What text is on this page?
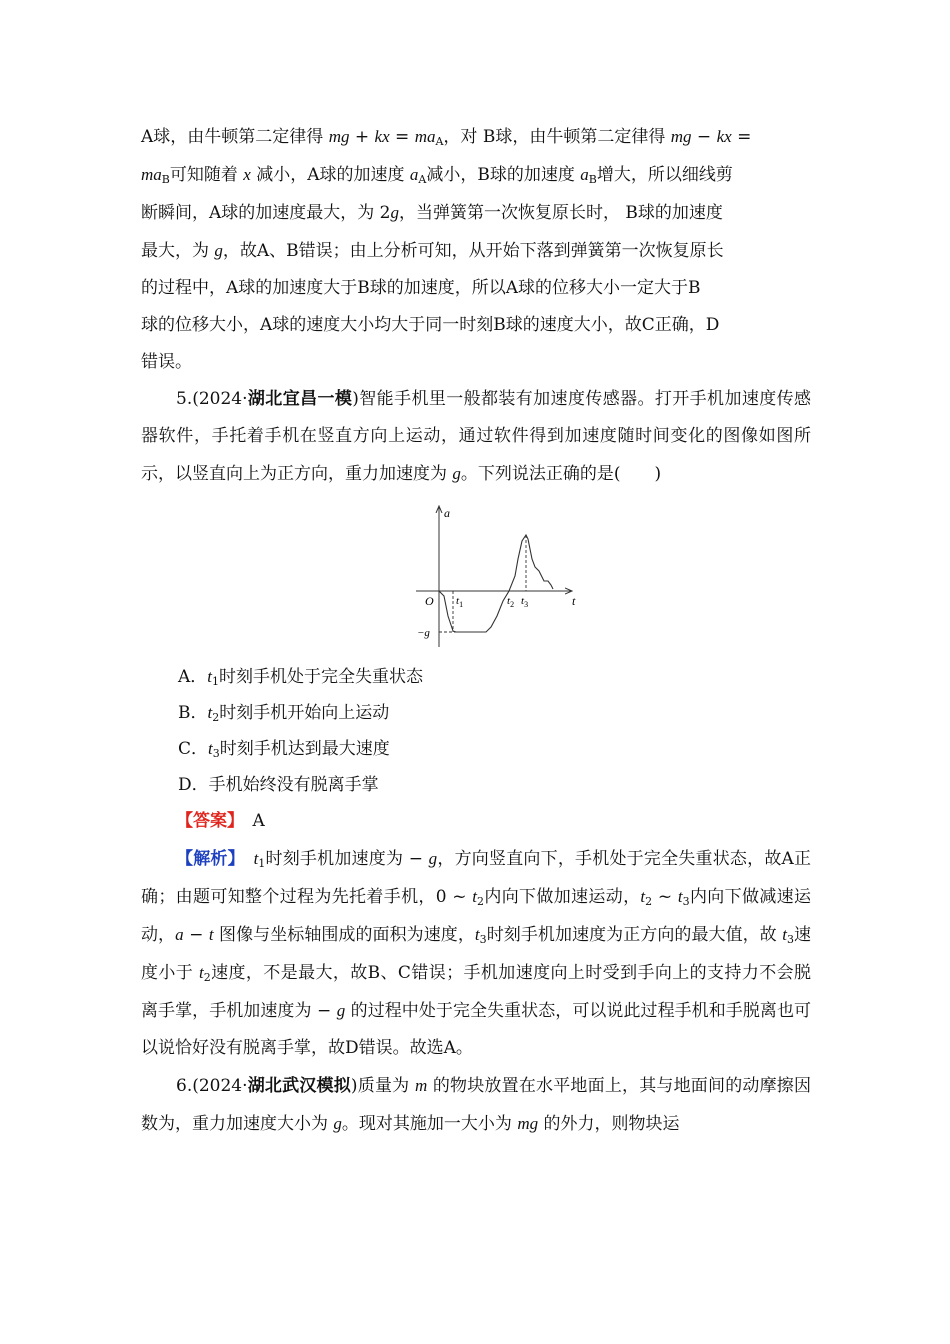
A球，由牛顿第二定律得 mg + kx = $ma_A$，对 B球，由牛顿第二定律得 mg − kx =

$ma_B$可知随着 x 减小，A球的加速度 $a_A$减小，B球的加速度 $a_B$增大，所以细线剪

断瞬间，A球的加速度最大，为 2g，当弹簧第一次恢复原长时， B球的加速度

最大，为 g，故A、B错误；由上分析可知，从开始下落到弹簧第一次恢复原长

的过程中，A球的加速度大于B球的加速度，所以A球的位移大小一定大于B

球的位移大小，A球的速度大小均大于同一时刻B球的速度大小，故C正确，D

错误。

5.(2024·湖北宜昌一模)智能手机里一般都装有加速度传感器。打开手机加速度传感器软件，手托着手机在竖直方向上运动，通过软件得到加速度随时间变化的图像如图所示，以竖直向上为正方向，重力加速度为 g。下列说法正确的是(　　)

a
t
O
−g
$t_1$	$t_2$ $t_3$

A．$t_1$时刻手机处于完全失重状态

B．$t_2$时刻手机开始向上运动

C．$t_3$时刻手机达到最大速度

D．手机始终没有脱离手掌

【答案】　 A

【解析】　 $t_1$时刻手机加速度为 − g，方向竖直向下，手机处于完全失重状态，故A正确；由题可知整个过程为先托着手机，0 ~ $t_2$内向下做加速运动，$t_2$ ~ $t_3$内向下做减速运动，a − t 图像与坐标轴围成的面积为速度，$t_3$时刻手机加速度为正方向的最大值，故 $t_3$速度小于 $t_2$速度，不是最大，故B、C错误；手机加速度向上时受到手向上的支持力不会脱离手掌，手机加速度为 − g 的过程中处于完全失重状态，可以说此过程手机和手脱离也可以说恰好没有脱离手掌，故D错误。故选A。

6.(2024·湖北武汉模拟)质量为 m 的物块放置在水平地面上，其与地面间的动摩擦因数为，重力加速度大小为 g。现对其施加一大小为 mg 的外力，则物块运
